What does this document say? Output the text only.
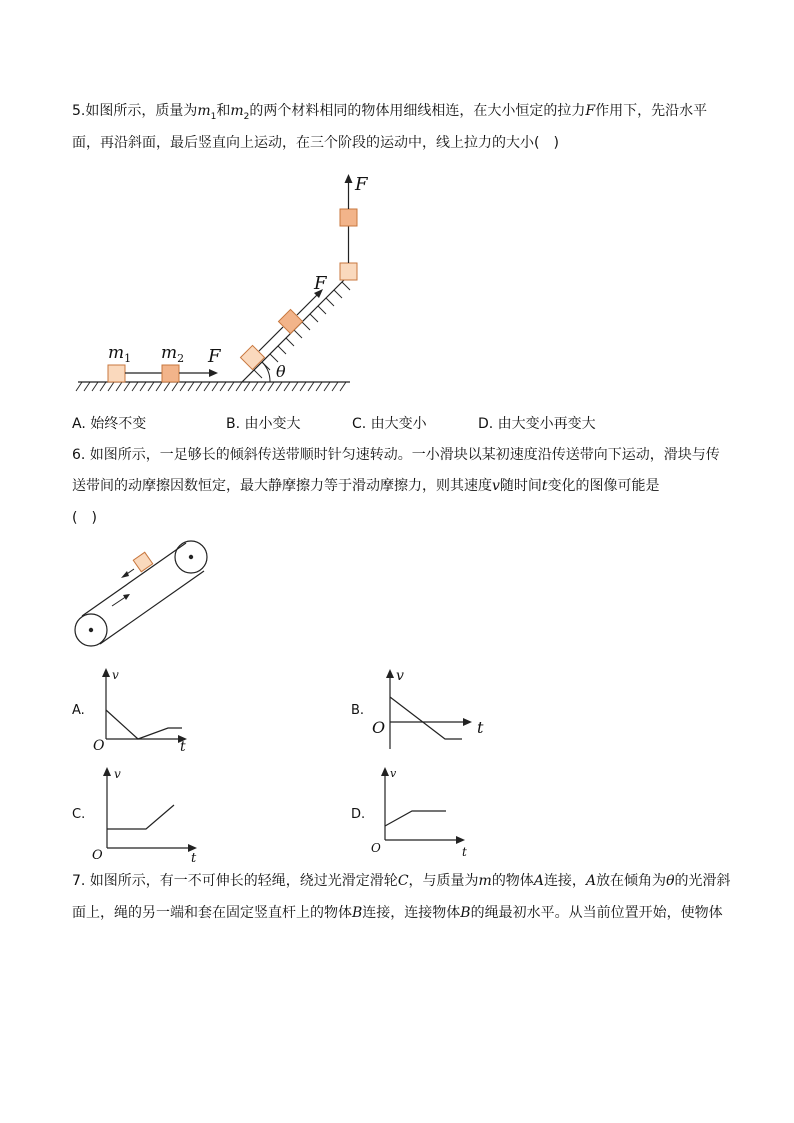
5.如图所示，质量为$m_1$和$m_2$的两个材料相同的物体用细线相连，在大小恒定的拉力F作用下，先沿水平
面，再沿斜面，最后竖直向上运动，在三个阶段的运动中，线上拉力的大小(　)
θ
$m_1$ $m_2$ F
F
F
A. 始终不变	B. 由小变大	C. 由大变小	D. 由大变小再变大
6. 如图所示，一足够长的倾斜传送带顺时针匀速转动。一小滑块以某初速度沿传送带向下运动，滑块与传
送带间的动摩擦因数恒定，最大静摩擦力等于滑动摩擦力，则其速度v随时间t变化的图像可能是
(　)
A.
v
O	t
B.
v
O	t
C.
v
O	t
D.
v
O	t
7. 如图所示，有一不可伸长的轻绳，绕过光滑定滑轮C，与质量为m的物体A连接，A放在倾角为θ的光滑斜
面上，绳的另一端和套在固定竖直杆上的物体B连接，连接物体B的绳最初水平。从当前位置开始，使物体
